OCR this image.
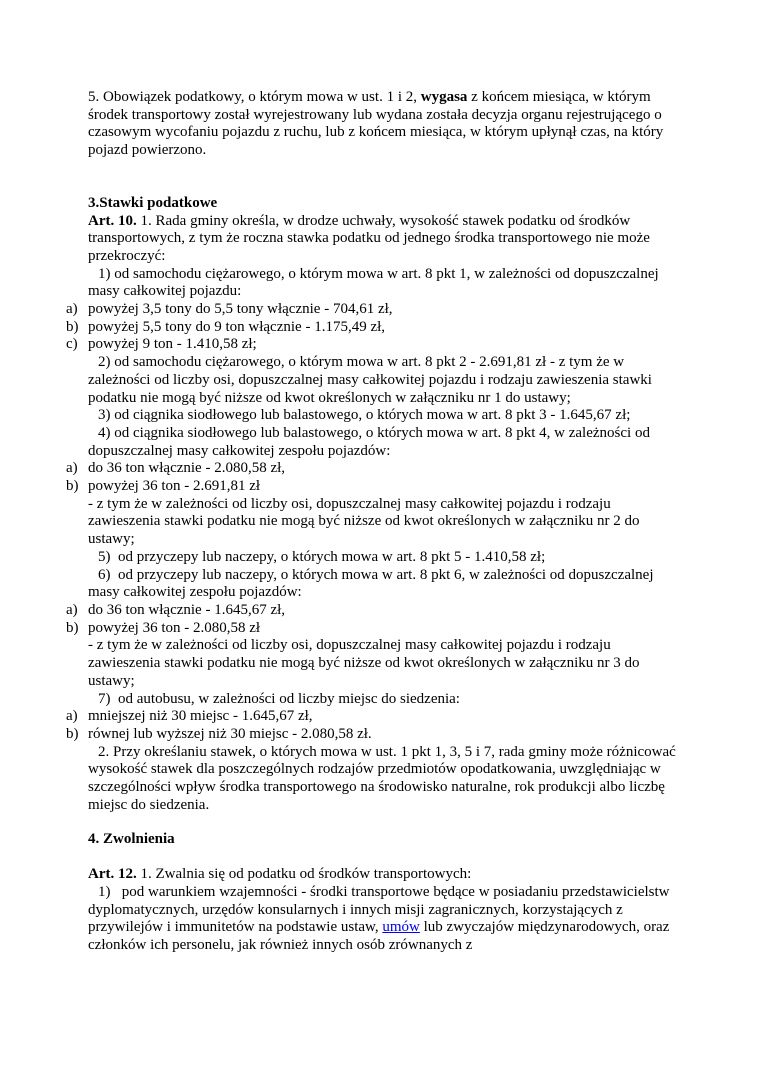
5. Obowiązek podatkowy, o którym mowa w ust. 1 i 2, wygasa z końcem miesiąca, w którym środek transportowy został wyrejestrowany lub wydana została decyzja organu rejestrującego o czasowym wycofaniu pojazdu z ruchu, lub z końcem miesiąca, w którym upłynął czas, na który pojazd powierzono.

3.Stawki podatkowe

Art. 10. 1. Rada gminy określa, w drodze uchwały, wysokość stawek podatku od środków transportowych, z tym że roczna stawka podatku od jednego środka transportowego nie może przekroczyć:

1) od samochodu ciężarowego, o którym mowa w art. 8 pkt 1, w zależności od dopuszczalnej masy całkowitej pojazdu:

a) powyżej 3,5 tony do 5,5 tony włącznie - 704,61 zł,
b) powyżej 5,5 tony do 9 ton włącznie - 1.175,49 zł,
c) powyżej 9 ton - 1.410,58 zł;

2) od samochodu ciężarowego, o którym mowa w art. 8 pkt 2 - 2.691,81 zł - z tym że w zależności od liczby osi, dopuszczalnej masy całkowitej pojazdu i rodzaju zawieszenia stawki podatku nie mogą być niższe od kwot określonych w załączniku nr 1 do ustawy;

3) od ciągnika siodłowego lub balastowego, o których mowa w art. 8 pkt 3 - 1.645,67 zł;

4) od ciągnika siodłowego lub balastowego, o których mowa w art. 8 pkt 4, w zależności od dopuszczalnej masy całkowitej zespołu pojazdów:

a) do 36 ton włącznie - 2.080,58 zł,
b) powyżej 36 ton - 2.691,81 zł

- z tym że w zależności od liczby osi, dopuszczalnej masy całkowitej pojazdu i rodzaju zawieszenia stawki podatku nie mogą być niższe od kwot określonych w załączniku nr 2 do ustawy;

5)  od przyczepy lub naczepy, o których mowa w art. 8 pkt 5 - 1.410,58 zł;

6)  od przyczepy lub naczepy, o których mowa w art. 8 pkt 6, w zależności od dopuszczalnej masy całkowitej zespołu pojazdów:

a) do 36 ton włącznie - 1.645,67 zł,
b) powyżej 36 ton - 2.080,58 zł

- z tym że w zależności od liczby osi, dopuszczalnej masy całkowitej pojazdu i rodzaju zawieszenia stawki podatku nie mogą być niższe od kwot określonych w załączniku nr 3 do ustawy;

7)  od autobusu, w zależności od liczby miejsc do siedzenia:

a) mniejszej niż 30 miejsc - 1.645,67 zł,
b) równej lub wyższej niż 30 miejsc - 2.080,58 zł.

2. Przy określaniu stawek, o których mowa w ust. 1 pkt 1, 3, 5 i 7, rada gminy może różnicować wysokość stawek dla poszczególnych rodzajów przedmiotów opodatkowania, uwzględniając w szczególności wpływ środka transportowego na środowisko naturalne, rok produkcji albo liczbę miejsc do siedzenia.

4. Zwolnienia

Art. 12. 1. Zwalnia się od podatku od środków transportowych:

1)   pod warunkiem wzajemności - środki transportowe będące w posiadaniu przedstawicielstw dyplomatycznych, urzędów konsularnych i innych misji zagranicznych, korzystających z przywilejów i immunitetów na podstawie ustaw, umów lub zwyczajów międzynarodowych, oraz członków ich personelu, jak również innych osób zrównanych z
